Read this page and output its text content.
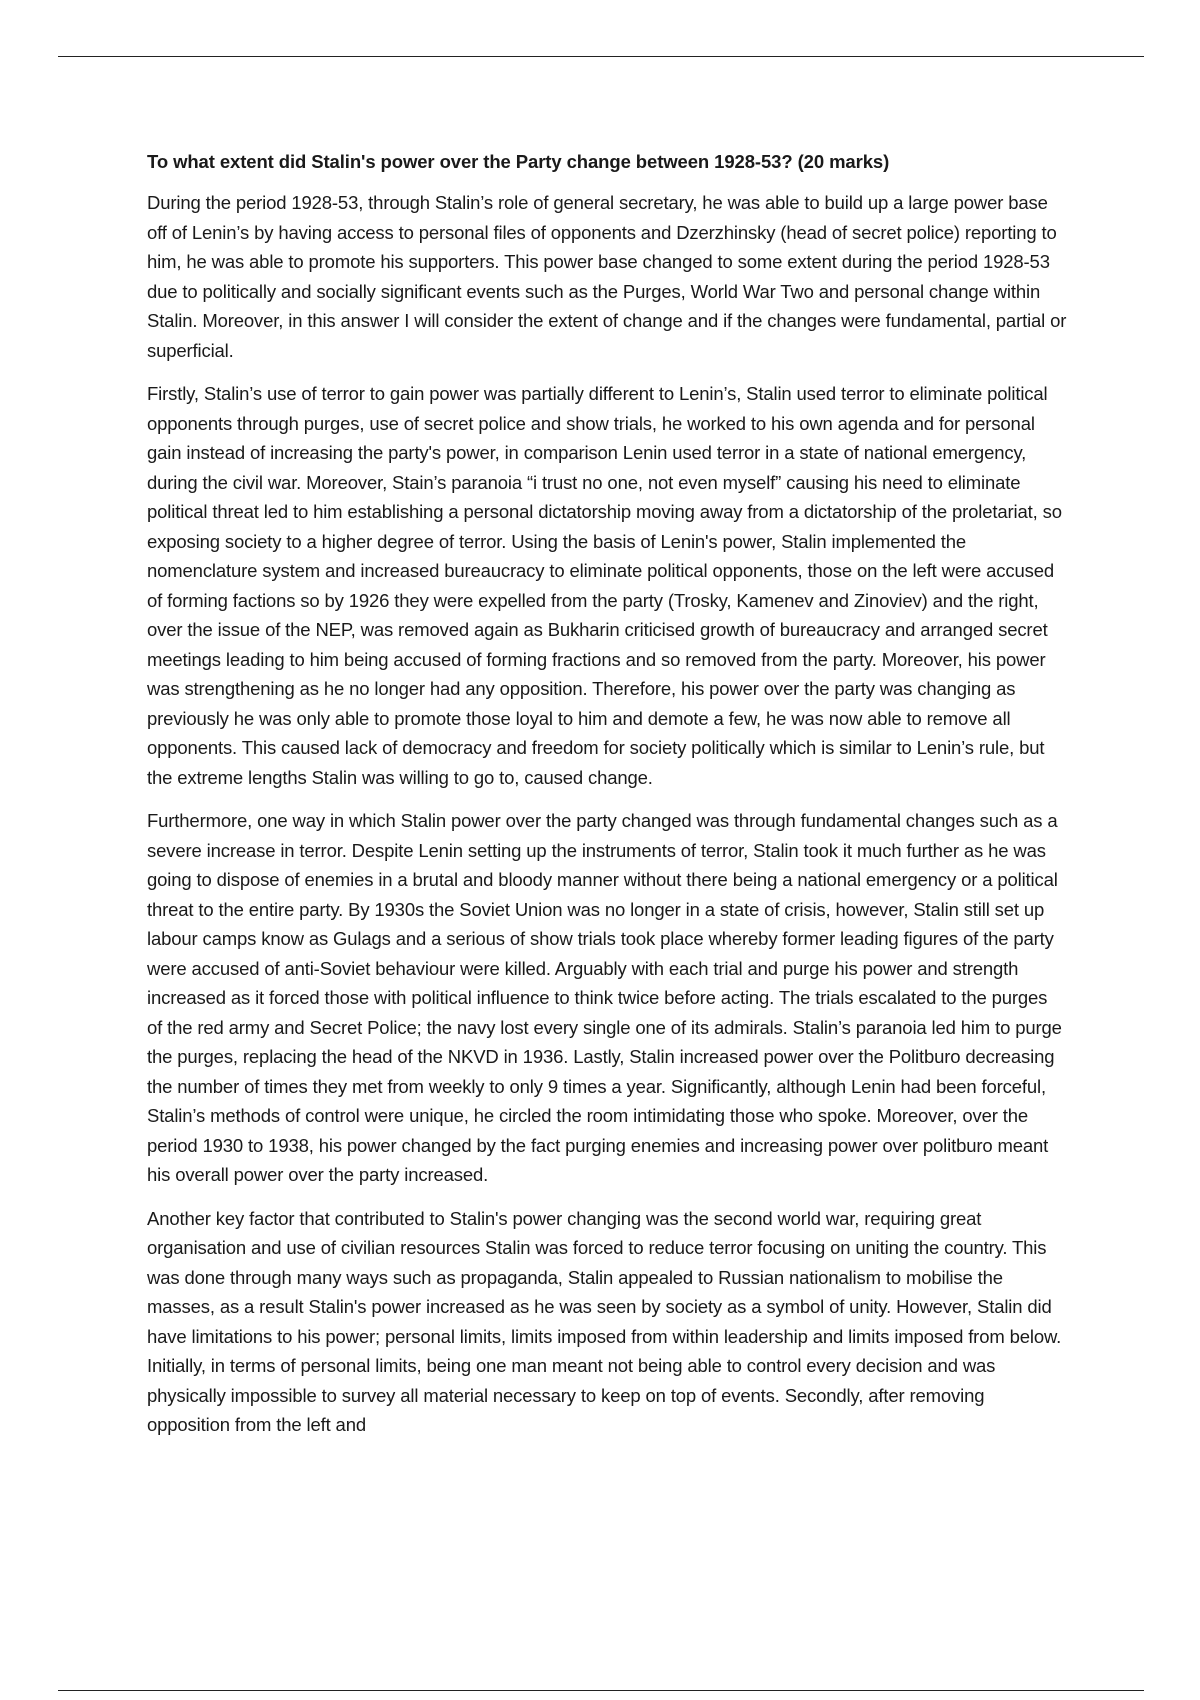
To what extent did Stalin's power over the Party change between 1928-53? (20 marks)

During the period 1928-53, through Stalin’s role of general secretary, he was able to build up a large power base off of Lenin’s by having access to personal files of opponents and Dzerzhinsky (head of secret police) reporting to him, he was able to promote his supporters. This power base changed to some extent during the period 1928-53 due to politically and socially significant events such as the Purges, World War Two and personal change within Stalin. Moreover, in this answer I will consider the extent of change and if the changes were fundamental, partial or superficial.

Firstly, Stalin’s use of terror to gain power was partially different to Lenin’s, Stalin used terror to eliminate political opponents through purges, use of secret police and show trials, he worked to his own agenda and for personal gain instead of increasing the party's power, in comparison Lenin used terror in a state of national emergency, during the civil war. Moreover, Stain’s paranoia “i trust no one, not even myself” causing his need to eliminate political threat led to him establishing a personal dictatorship moving away from a dictatorship of the proletariat, so exposing society to a higher degree of terror. Using the basis of Lenin's power, Stalin implemented the nomenclature system and increased bureaucracy to eliminate political opponents, those on the left were accused of forming factions so by 1926 they were expelled from the party (Trosky, Kamenev and Zinoviev) and the right, over the issue of the NEP, was removed again as Bukharin criticised growth of bureaucracy and arranged secret meetings leading to him being accused of forming fractions and so removed from the party. Moreover, his power was strengthening as he no longer had any opposition. Therefore, his power over the party was changing as previously he was only able to promote those loyal to him and demote a few, he was now able to remove all opponents. This caused lack of democracy and freedom for society politically which is similar to Lenin’s rule, but the extreme lengths Stalin was willing to go to, caused change.

Furthermore, one way in which Stalin power over the party changed was through fundamental changes such as a severe increase in terror. Despite Lenin setting up the instruments of terror, Stalin took it much further as he was going to dispose of enemies in a brutal and bloody manner without there being a national emergency or a political threat to the entire party. By 1930s the Soviet Union was no longer in a state of crisis, however, Stalin still set up labour camps know as Gulags and a serious of show trials took place whereby former leading figures of the party were accused of anti-Soviet behaviour were killed. Arguably with each trial and purge his power and strength increased as it forced those with political influence to think twice before acting. The trials escalated to the purges of the red army and Secret Police; the navy lost every single one of its admirals. Stalin’s paranoia led him to purge the purges, replacing the head of the NKVD in 1936. Lastly, Stalin increased power over the Politburo decreasing the number of times they met from weekly to only 9 times a year. Significantly, although Lenin had been forceful, Stalin’s methods of control were unique, he circled the room intimidating those who spoke. Moreover, over the period 1930 to 1938, his power changed by the fact purging enemies and increasing power over politburo meant his overall power over the party increased.

Another key factor that contributed to Stalin's power changing was the second world war, requiring great organisation and use of civilian resources Stalin was forced to reduce terror focusing on uniting the country. This was done through many ways such as propaganda, Stalin appealed to Russian nationalism to mobilise the masses, as a result Stalin's power increased as he was seen by society as a symbol of unity. However, Stalin did have limitations to his power; personal limits, limits imposed from within leadership and limits imposed from below. Initially, in terms of personal limits, being one man meant not being able to control every decision and was physically impossible to survey all material necessary to keep on top of events. Secondly, after removing opposition from the left and
